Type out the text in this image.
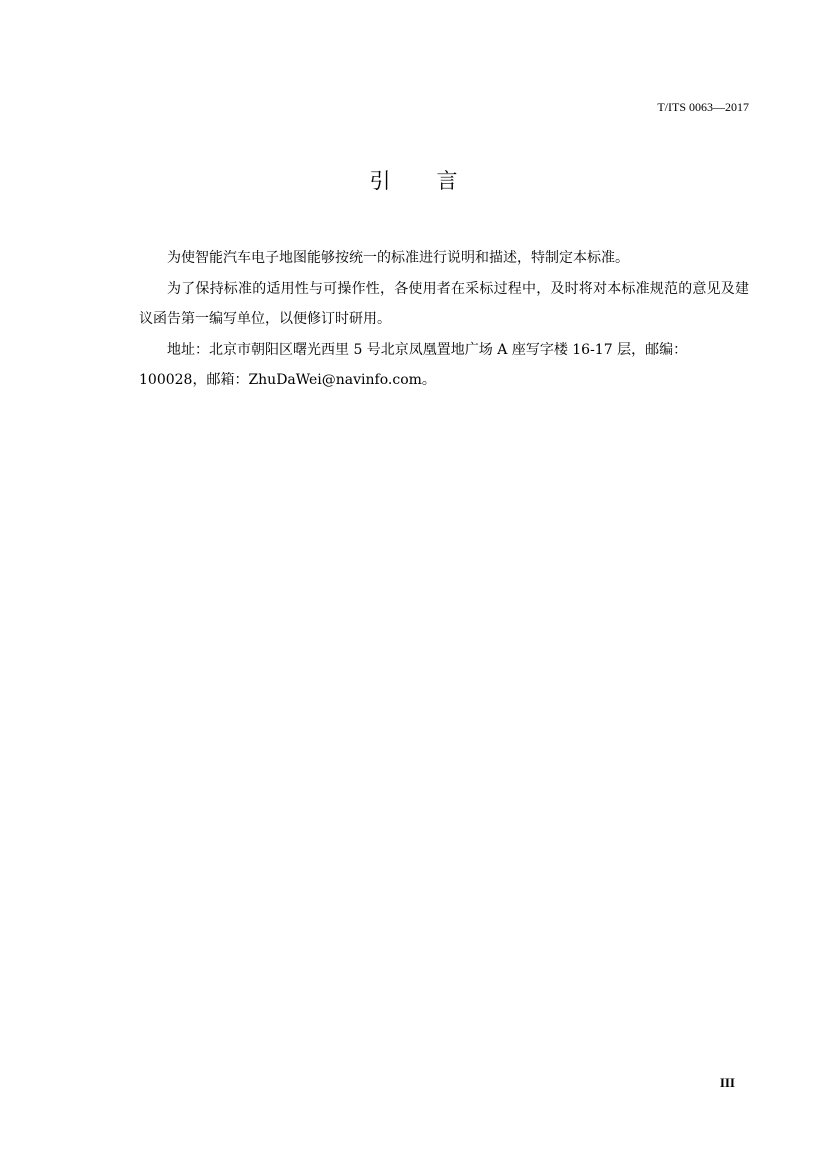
T/ITS 0063—2017
引言

为使智能汽车电子地图能够按统一的标准进行说明和描述，特制定本标准。

为了保持标准的适用性与可操作性，各使用者在采标过程中，及时将对本标准规范的意见及建议函告第一编写单位，以便修订时研用。

地址：北京市朝阳区曙光西里 5 号北京凤凰置地广场 A 座写字楼 16-17 层，邮编：100028，邮箱：ZhuDaWei@navinfo.com。

III
